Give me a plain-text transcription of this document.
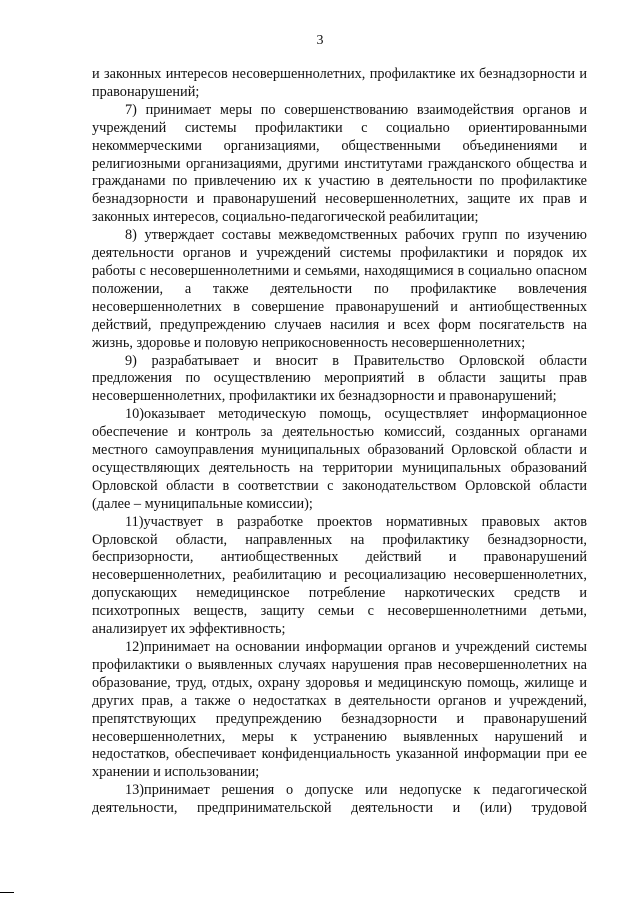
3

и законных интересов несовершеннолетних, профилактике их безнадзорности и правонарушений;

7) принимает меры по совершенствованию взаимодействия органов и учреждений системы профилактики с социально ориентированными некоммерческими организациями, общественными объединениями и религиозными организациями, другими институтами гражданского общества и гражданами по привлечению их к участию в деятельности по профилактике безнадзорности и правонарушений несовершеннолетних, защите их прав и законных интересов, социально-педагогической реабилитации;

8) утверждает составы межведомственных рабочих групп по изучению деятельности органов и учреждений системы профилактики и порядок их работы с несовершеннолетними и семьями, находящимися в социально опасном положении, а также деятельности по профилактике вовлечения несовершеннолетних в совершение правонарушений и антиобщественных действий, предупреждению случаев насилия и всех форм посягательств на жизнь, здоровье и половую неприкосновенность несовершеннолетних;

9) разрабатывает и вносит в Правительство Орловской области предложения по осуществлению мероприятий в области защиты прав несовершеннолетних, профилактики их безнадзорности и правонарушений;

10)оказывает методическую помощь, осуществляет информационное обеспечение и контроль за деятельностью комиссий, созданных органами местного самоуправления муниципальных образований Орловской области и осуществляющих деятельность на территории муниципальных образований Орловской области в соответствии с законодательством Орловской области (далее – муниципальные комиссии);

11)участвует в разработке проектов нормативных правовых актов Орловской области, направленных на профилактику безнадзорности, беспризорности, антиобщественных действий и правонарушений несовершеннолетних, реабилитацию и ресоциализацию несовершеннолетних, допускающих немедицинское потребление наркотических средств и психотропных веществ, защиту семьи с несовершеннолетними детьми, анализирует их эффективность;

12)принимает на основании информации органов и учреждений системы профилактики о выявленных случаях нарушения прав несовершеннолетних на образование, труд, отдых, охрану здоровья и медицинскую помощь, жилище и других прав, а также о недостатках в деятельности органов и учреждений, препятствующих предупреждению безнадзорности и правонарушений несовершеннолетних, меры к устранению выявленных нарушений и недостатков, обеспечивает конфиденциальность указанной информации при ее хранении и использовании;

13)принимает решения о допуске или недопуске к педагогической деятельности, предпринимательской деятельности и (или) трудовой
